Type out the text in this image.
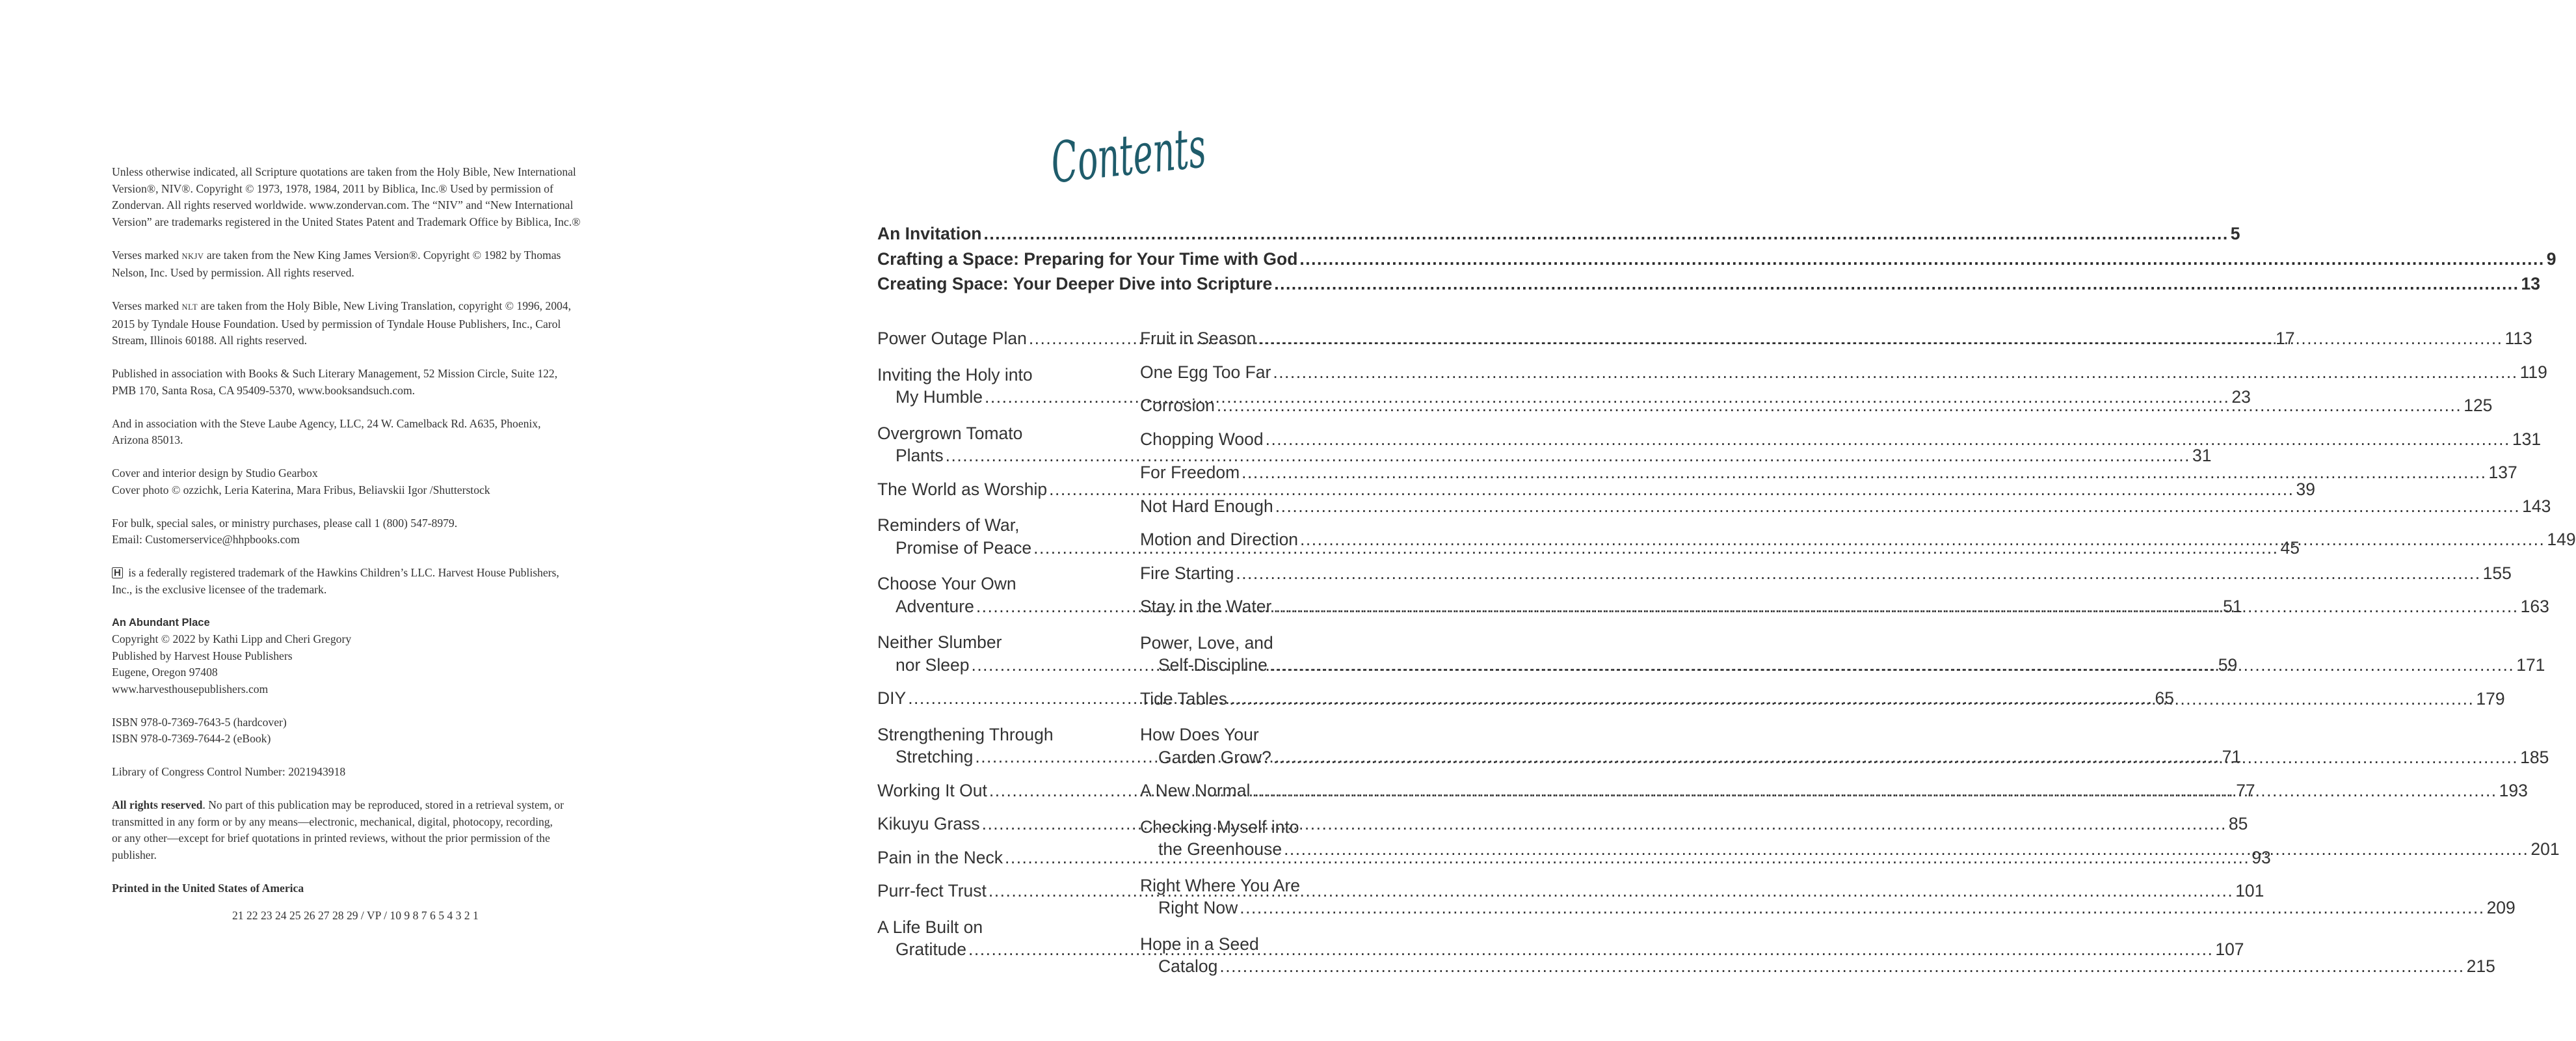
Unless otherwise indicated, all Scripture quotations are taken from the Holy Bible, New International
Version®, NIV®. Copyright © 1973, 1978, 1984, 2011 by Biblica, Inc.® Used by permission of
Zondervan. All rights reserved worldwide. www.zondervan.com. The “NIV” and “New International
Version” are trademarks registered in the United States Patent and Trademark Office by Biblica, Inc.®

Verses marked NKJV are taken from the New King James Version®. Copyright © 1982 by Thomas
Nelson, Inc. Used by permission. All rights reserved.

Verses marked NLT are taken from the Holy Bible, New Living Translation, copyright © 1996, 2004,
2015 by Tyndale House Foundation. Used by permission of Tyndale House Publishers, Inc., Carol
Stream, Illinois 60188. All rights reserved.

Published in association with Books & Such Literary Management, 52 Mission Circle, Suite 122,
PMB 170, Santa Rosa, CA 95409-5370, www.booksandsuch.com.

And in association with the Steve Laube Agency, LLC, 24 W. Camelback Rd. A635, Phoenix,
Arizona 85013.

Cover and interior design by Studio Gearbox
Cover photo © ozzichk, Leria Katerina, Mara Fribus, Beliavskii Igor /Shutterstock

For bulk, special sales, or ministry purchases, please call 1 (800) 547-8979.
Email: Customerservice@hhpbooks.com

H is a federally registered trademark of the Hawkins Children’s LLC. Harvest House Publishers,
Inc., is the exclusive licensee of the trademark.

An Abundant Place
Copyright © 2022 by Kathi Lipp and Cheri Gregory
Published by Harvest House Publishers
Eugene, Oregon 97408
www.harvesthousepublishers.com

ISBN 978-0-7369-7643-5 (hardcover)
ISBN 978-0-7369-7644-2 (eBook)

Library of Congress Control Number: 2021943918

All rights reserved. No part of this publication may be reproduced, stored in a retrieval system, or
transmitted in any form or by any means—electronic, mechanical, digital, photocopy, recording,
or any other—except for brief quotations in printed reviews, without the prior permission of the
publisher.

Printed in the United States of America

21 22 23 24 25 26 27 28 29 / VP / 10 9 8 7 6 5 4 3 2 1
Contents
An Invitation .....	5
Crafting a Space: Preparing for Your Time with God .....	9
Creating Space: Your Deeper Dive into Scripture .....	13
Power Outage Plan .....	17
Inviting the Holy into
My Humble .....	23
Overgrown Tomato
Plants .....	31
The World as Worship .....	39
Reminders of War,
Promise of Peace .....	45
Choose Your Own
Adventure .....	51
Neither Slumber
nor Sleep .....	59
DIY .....	65
Strengthening Through
Stretching .....	71
Working It Out .....	77
Kikuyu Grass .....	85
Pain in the Neck .....	93
Purr-fect Trust .....	101
A Life Built on
Gratitude .....	107
Fruit in Season .....	113
One Egg Too Far .....	119
Corrosion .....	125
Chopping Wood .....	131
For Freedom .....	137
Not Hard Enough .....	143
Motion and Direction .....	149
Fire Starting .....	155
Stay in the Water .....	163
Power, Love, and
Self-Discipline .....	171
Tide Tables .....	179
How Does Your
Garden Grow? .....	185
A New Normal .....	193
Checking Myself into
the Greenhouse .....	201
Right Where You Are
Right Now .....	209
Hope in a Seed
Catalog .....	215
